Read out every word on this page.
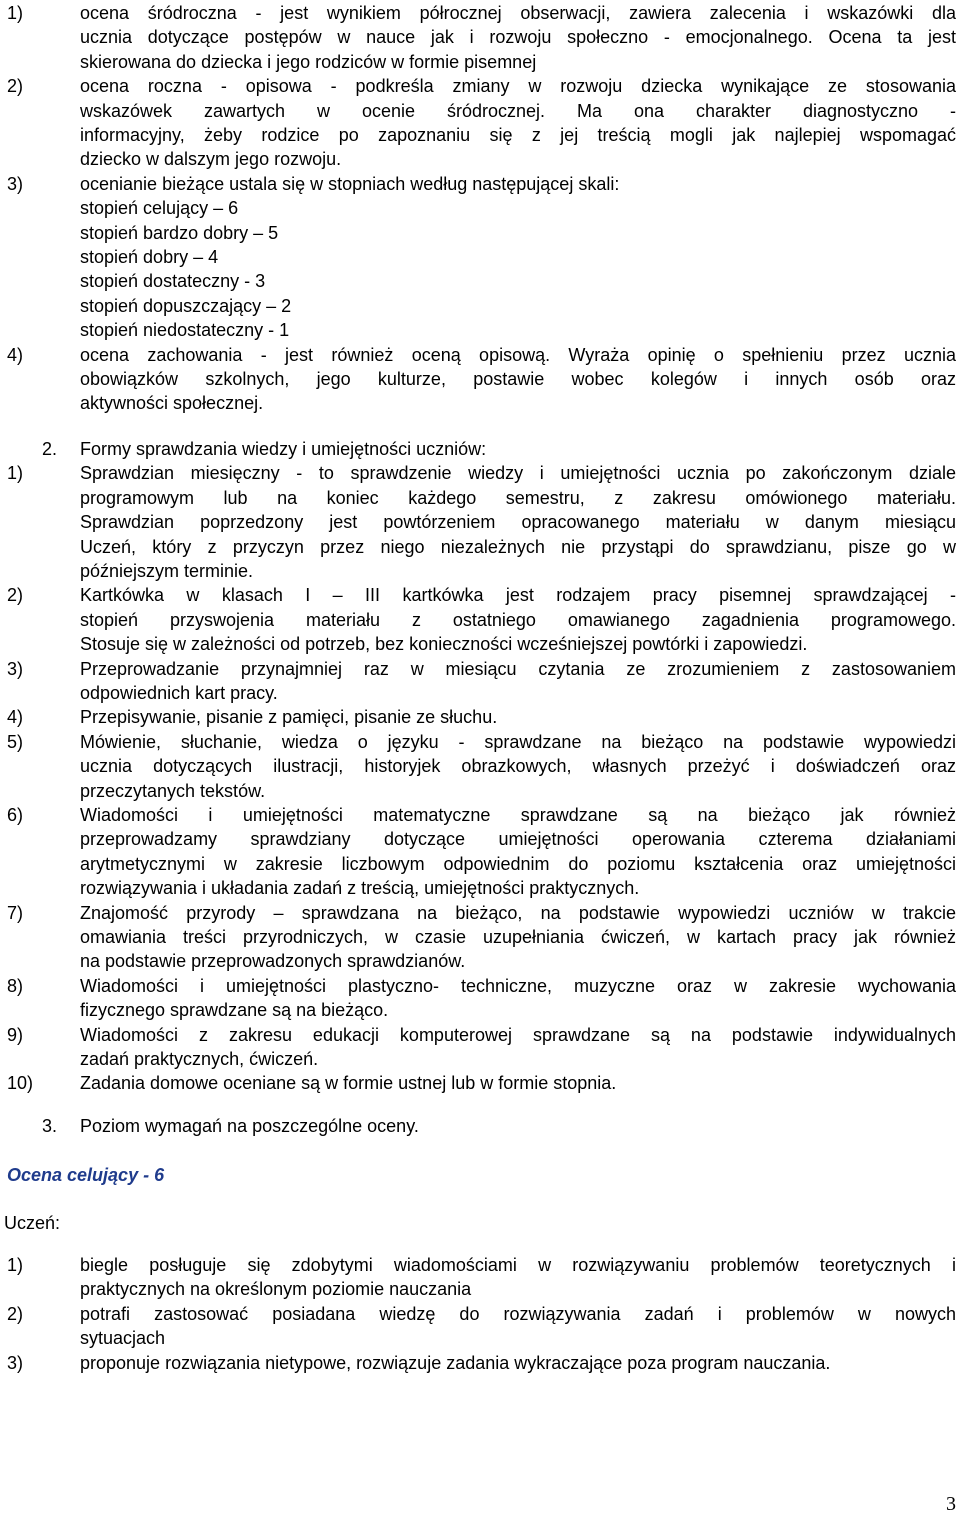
1)	ocena śródroczna - jest wynikiem półrocznej obserwacji, zawiera zalecenia i wskazówki dla
ucznia dotyczące postępów w nauce jak i rozwoju społeczno - emocjonalnego. Ocena ta jest
skierowana do dziecka i jego rodziców w formie pisemnej
2)	ocena roczna - opisowa - podkreśla zmiany w rozwoju dziecka wynikające ze stosowania
wskazówek zawartych w ocenie śródrocznej. Ma ona charakter diagnostyczno -
informacyjny, żeby rodzice po zapoznaniu się z jej treścią mogli jak najlepiej wspomagać
dziecko w dalszym jego rozwoju.
3)	ocenianie bieżące ustala się w stopniach według następującej skali:
stopień celujący – 6
stopień bardzo dobry – 5
stopień dobry – 4
stopień dostateczny - 3
stopień dopuszczający – 2
stopień niedostateczny - 1
4)	ocena zachowania - jest również oceną opisową. Wyraża opinię o spełnieniu przez ucznia
obowiązków szkolnych, jego kulturze, postawie wobec kolegów i innych osób oraz
aktywności społecznej.
2. Formy sprawdzania wiedzy i umiejętności uczniów:
1)	Sprawdzian miesięczny - to sprawdzenie wiedzy i umiejętności ucznia po zakończonym dziale
programowym lub na koniec każdego semestru, z zakresu omówionego materiału.
Sprawdzian poprzedzony jest powtórzeniem opracowanego materiału w danym miesiącu
Uczeń, który z przyczyn przez niego niezależnych nie przystąpi do sprawdzianu, pisze go w
późniejszym terminie.
2)	Kartkówka w klasach I – III kartkówka jest rodzajem pracy pisemnej sprawdzającej -
stopień przyswojenia materiału z ostatniego omawianego zagadnienia programowego.
Stosuje się w zależności od potrzeb, bez konieczności wcześniejszej powtórki i zapowiedzi.
3)	Przeprowadzanie przynajmniej raz w miesiącu czytania ze zrozumieniem z zastosowaniem
odpowiednich kart pracy.
4)	Przepisywanie, pisanie z pamięci, pisanie ze słuchu.
5)	Mówienie, słuchanie, wiedza o języku - sprawdzane na bieżąco na podstawie wypowiedzi
ucznia dotyczących ilustracji, historyjek obrazkowych, własnych przeżyć i doświadczeń oraz
przeczytanych tekstów.
6)	Wiadomości i umiejętności matematyczne sprawdzane są na bieżąco jak również
przeprowadzamy sprawdziany dotyczące umiejętności operowania czterema działaniami
arytmetycznymi w zakresie liczbowym odpowiednim do poziomu kształcenia oraz umiejętności
rozwiązywania i układania zadań z treścią, umiejętności praktycznych.
7)	Znajomość przyrody – sprawdzana na bieżąco, na podstawie wypowiedzi uczniów w trakcie
omawiania treści przyrodniczych, w czasie uzupełniania ćwiczeń, w kartach pracy jak również
na podstawie przeprowadzonych sprawdzianów.
8)	Wiadomości i umiejętności plastyczno- techniczne, muzyczne oraz w zakresie wychowania
fizycznego sprawdzane są na bieżąco.
9)	Wiadomości z zakresu edukacji komputerowej sprawdzane są na podstawie indywidualnych
zadań praktycznych, ćwiczeń.
10)	Zadania domowe oceniane są w formie ustnej lub w formie stopnia.
3. Poziom wymagań na poszczególne oceny.
Ocena celujący - 6
Uczeń:
1)	biegle posługuje się zdobytymi wiadomościami w rozwiązywaniu problemów teoretycznych i
praktycznych na określonym poziomie nauczania
2)	potrafi zastosować posiadana wiedzę do rozwiązywania zadań i problemów w nowych
sytuacjach
3)	proponuje rozwiązania nietypowe, rozwiązuje zadania wykraczające poza program nauczania.
3
